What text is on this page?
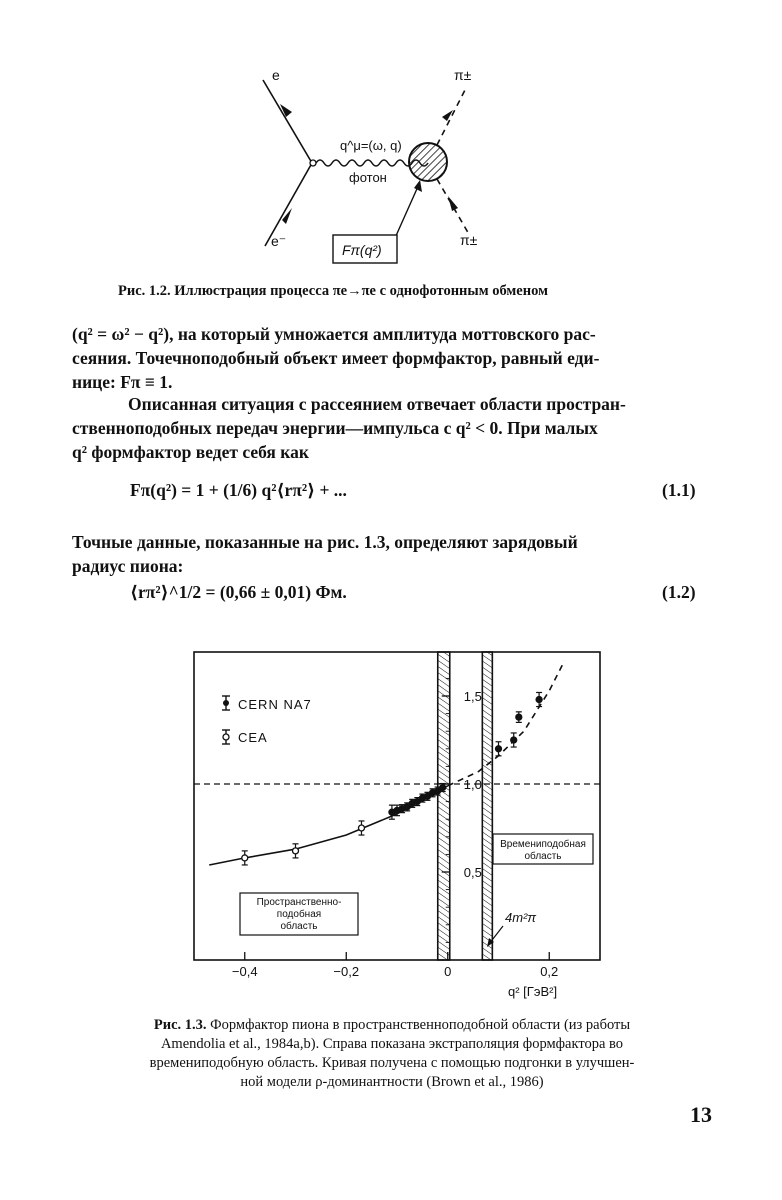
e
e⁻
π±
π±
q^μ=(ω, q)
фотон
Fπ(q²)
Рис. 1.2. Иллюстрация процесса πe→πe с однофотонным обменом
(q² = ω² − q²), на который умножается амплитуда моттовского рас-
сеяния. Точечноподобный объект имеет формфактор, равный еди-
нице: Fπ ≡ 1.
Описанная ситуация с рассеянием отвечает области простран-
ственноподобных передач энергии—импульса с q² < 0. При малых
q² формфактор ведет себя как
Fπ(q²) = 1 + (1/6) q²⟨rπ²⟩ + ...	(1.1)
Точные данные, показанные на рис. 1.3, определяют зарядовый
радиус пиона:
⟨rπ²⟩^1/2 = (0,66 ± 0,01) Фм.	(1.2)
−0,4	−0,2	0	0,2
0,5
1,0
1,5
CERN NA7
CEA
Пространственно-
подобная
область
Времениподобная
область
4m²π
q² [ГэВ²]
Рис. 1.3. Формфактор пиона в пространственноподобной области (из работы
Amendolia et al., 1984a,b). Справа показана экстраполяция формфактора во
времениподобную область. Кривая получена с помощью подгонки в улучшен-
ной модели ρ-доминантности (Brown et al., 1986)
13
